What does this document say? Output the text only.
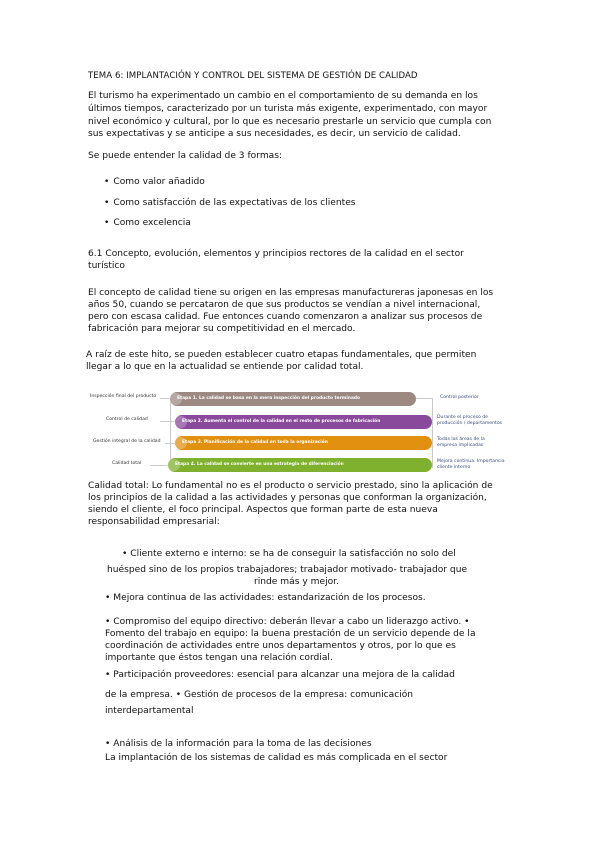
TEMA 6: IMPLANTACIÓN Y CONTROL DEL SISTEMA DE GESTIÓN DE CALIDAD
El turismo ha experimentado un cambio en el comportamiento de su demanda en los
últimos tiempos, caracterizado por un turista más exigente, experimentado, con mayor
nivel económico y cultural, por lo que es necesario prestarle un servicio que cumpla con
sus expectativas y se anticipe a sus necesidades, es decir, un servicio de calidad.
Se puede entender la calidad de 3 formas:
• Como valor añadido
• Como satisfacción de las expectativas de los clientes
• Como excelencia
6.1 Concepto, evolución, elementos y principios rectores de la calidad en el sector
turístico
El concepto de calidad tiene su origen en las empresas manufactureras japonesas en los
años 50, cuando se percataron de que sus productos se vendían a nivel internacional,
pero con escasa calidad. Fue entonces cuando comenzaron a analizar sus procesos de
fabricación para mejorar su competitividad en el mercado.
A raíz de este hito, se pueden establecer cuatro etapas fundamentales, que permiten
llegar a lo que en la actualidad se entiende por calidad total.
Inspección final del producto	Etapa 1. La calidad se basa en la mera inspección del producto terminado	Control posterior
Control de calidad	Etapa 2. Aumenta el control de la calidad en el resto de procesos de fabricación
Durante el proceso de
producción / departamentos
Gestión integral de la calidad	Etapa 3. Planificación de la calidad en toda la organización
Todas las áreas de la
empresa implicadas
Calidad total	Etapa 4. La calidad se convierte en una estrategia de diferenciación
Mejora continua. Importancia
cliente interno
Calidad total: Lo fundamental no es el producto o servicio prestado, sino la aplicación de
los principios de la calidad a las actividades y personas que conforman la organización,
siendo el cliente, el foco principal. Aspectos que forman parte de esta nueva
responsabilidad empresarial:
• Cliente externo e interno: se ha de conseguir la satisfacción no solo del
huésped sino de los propios trabajadores; trabajador motivado- trabajador que
rinde más y mejor.
• Mejora continua de las actividades: estandarización de los procesos.
• Compromiso del equipo directivo: deberán llevar a cabo un liderazgo activo. •
Fomento del trabajo en equipo: la buena prestación de un servicio depende de la
coordinación de actividades entre unos departamentos y otros, por lo que es
importante que éstos tengan una relación cordial.
• Participación proveedores: esencial para alcanzar una mejora de la calidad
de la empresa. • Gestión de procesos de la empresa: comunicación
interdepartamental
• Análisis de la información para la toma de las decisiones
La implantación de los sistemas de calidad es más complicada en el sector
